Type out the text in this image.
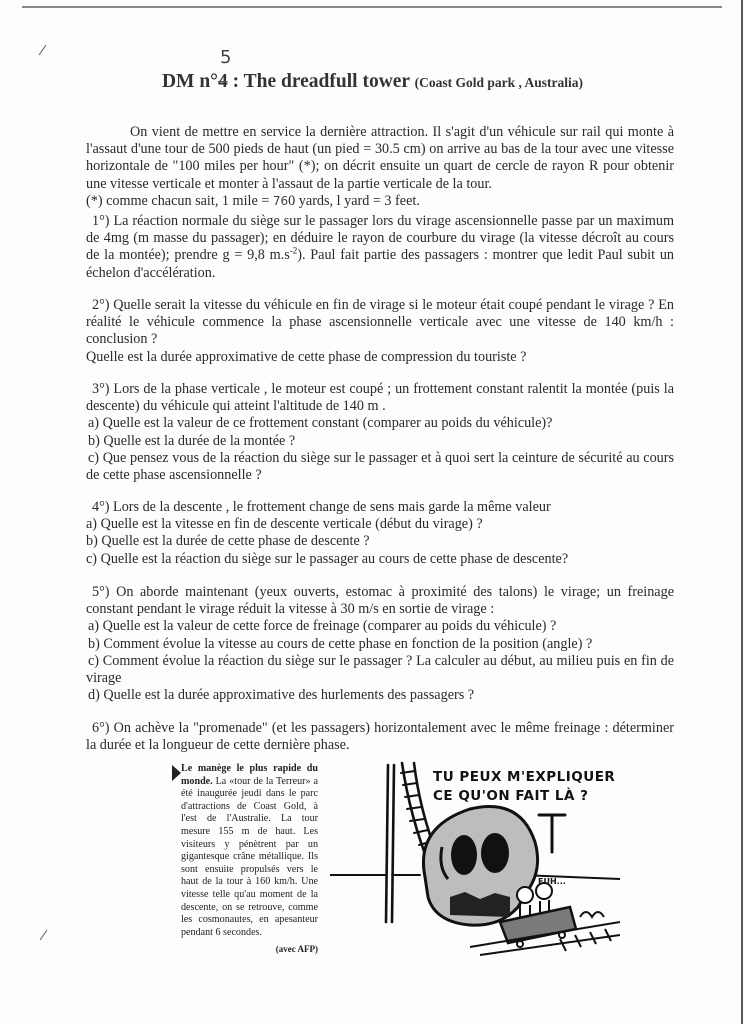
DM n°4
5
: The dreadfull tower (Coast Gold park , Australia)

On vient de mettre en service la dernière attraction. Il s'agit d'un véhicule sur rail qui monte à l'assaut d'une tour de 500 pieds de haut (un pied = 30.5 cm) on arrive au bas de la tour avec une vitesse horizontale de "100 miles per hour" (*); on décrit ensuite un quart de cercle de rayon R pour obtenir une vitesse verticale et monter à l'assaut de la partie verticale de la tour.

(*) comme chacun sait, 1 mile = 760 yards, l yard = 3 feet.

1°) La réaction normale du siège sur le passager lors du virage ascensionnelle passe par un maximum de 4mg (m masse du passager); en déduire le rayon de courbure du virage (la vitesse décroît au cours de la montée); prendre g = 9,8 $m.s^{-2}$). Paul fait partie des passagers : montrer que ledit Paul subit un échelon d'accélération.

2°) Quelle serait la vitesse du véhicule en fin de virage si le moteur était coupé pendant le virage ? En réalité le véhicule commence la phase ascensionnelle verticale avec une vitesse de 140 km/h : conclusion ?

Quelle est la durée approximative de cette phase de compression du touriste ?

3°) Lors de la phase verticale , le moteur est coupé ; un frottement constant ralentit la montée (puis la descente) du véhicule qui atteint l'altitude de 140 m .

a) Quelle est la valeur de ce frottement constant (comparer au poids du véhicule)?

b) Quelle est la durée de la montée ?

c) Que pensez vous de la réaction du siège sur le passager et à quoi sert la ceinture de sécurité au cours de cette phase ascensionnelle ?

4°) Lors de la descente , le frottement change de sens mais garde la même valeur

a) Quelle est la vitesse en fin de descente verticale (début du virage) ?

b) Quelle est la durée de cette phase de descente ?

c) Quelle est la réaction du siège sur le passager au cours de cette phase de descente?

5°) On aborde maintenant (yeux ouverts, estomac à proximité des talons) le virage; un freinage constant pendant le virage réduit la vitesse à 30 m/s en sortie de virage :

a) Quelle est la valeur de cette force de freinage (comparer au poids du véhicule) ?

b) Comment évolue la vitesse au cours de cette phase en fonction de la position (angle) ?

c) Comment évolue la réaction du siège sur le passager ? La calculer au début, au milieu puis en fin de virage

d) Quelle est la durée approximative des hurlements des passagers ?

6°) On achève la "promenade" (et les passagers) horizontalement avec le même freinage : déterminer la durée et la longueur de cette dernière phase.

Le manège le plus rapide du monde. La «tour de la Terreur» a été inaugurée jeudi dans le parc d'attractions de Coast Gold, à l'est de l'Australie. La tour mesure 155 m de haut. Les visiteurs y pénètrent par un gigantesque crâne métallique. Ils sont ensuite propulsés vers le haut de la tour à 160 km/h. Une vitesse telle qu'au moment de la descente, on se retrouve, comme les cosmonautes, en apesanteur pendant 6 secondes.
(avec AFP)
TU PEUX M'EXPLIQUER
CE QU'ON FAIT LÀ ?
EUH...
